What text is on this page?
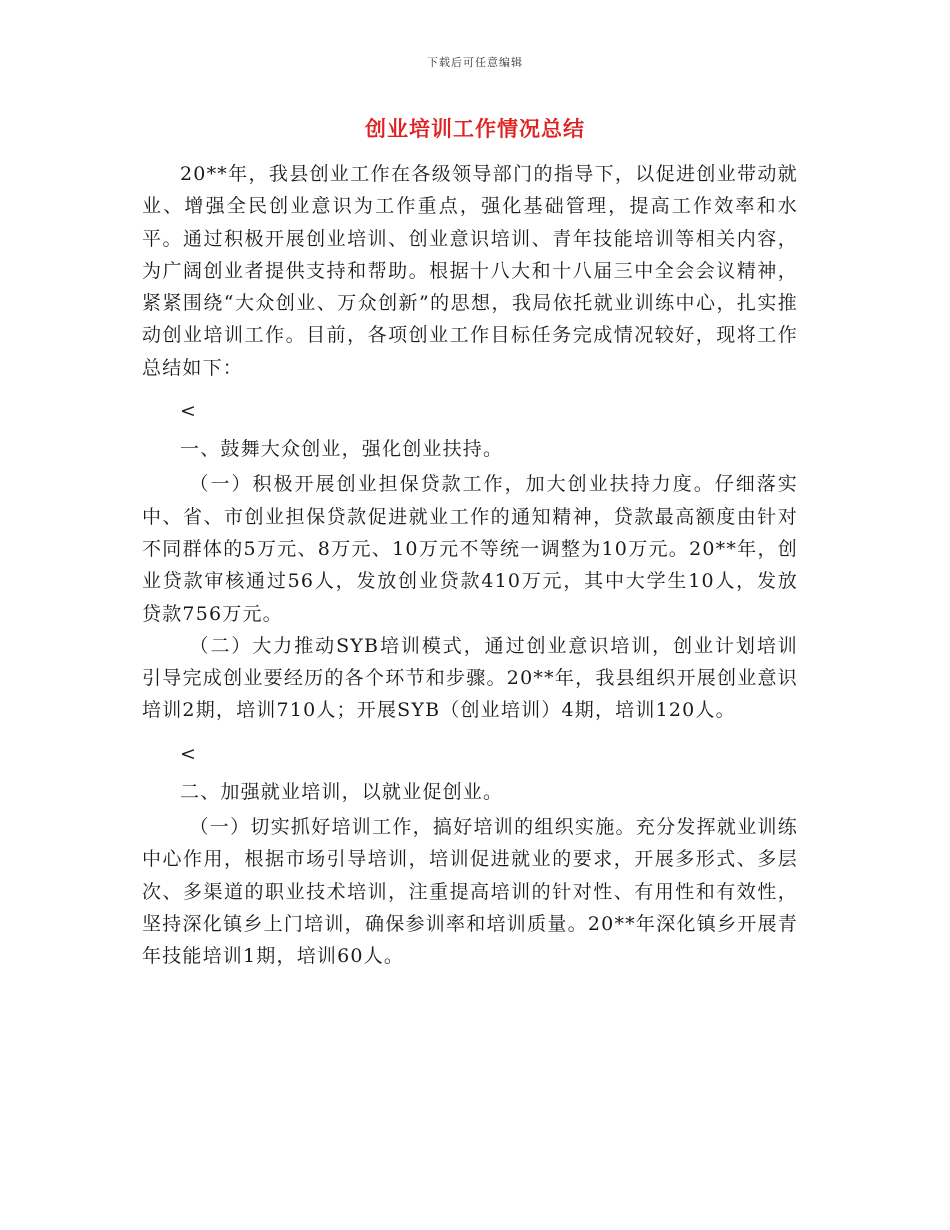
下载后可任意编辑
创业培训工作情况总结

20**年，我县创业工作在各级领导部门的指导下，以促进创业带动就业、增强全民创业意识为工作重点，强化基础管理，提高工作效率和水平。通过积极开展创业培训、创业意识培训、青年技能培训等相关内容，为广阔创业者提供支持和帮助。根据十八大和十八届三中全会会议精神，紧紧围绕“大众创业、万众创新”的思想，我局依托就业训练中心，扎实推动创业培训工作。目前，各项创业工作目标任务完成情况较好，现将工作总结如下：

<

一、鼓舞大众创业，强化创业扶持。

（一）积极开展创业担保贷款工作，加大创业扶持力度。仔细落实中、省、市创业担保贷款促进就业工作的通知精神，贷款最高额度由针对不同群体的5万元、8万元、10万元不等统一调整为10万元。20**年，创业贷款审核通过56人，发放创业贷款410万元，其中大学生10人，发放贷款756万元。

（二）大力推动SYB培训模式，通过创业意识培训，创业计划培训引导完成创业要经历的各个环节和步骤。20**年，我县组织开展创业意识培训2期，培训710人；开展SYB（创业培训）4期，培训120人。

<

二、加强就业培训，以就业促创业。

（一）切实抓好培训工作，搞好培训的组织实施。充分发挥就业训练中心作用，根据市场引导培训，培训促进就业的要求，开展多形式、多层次、多渠道的职业技术培训，注重提高培训的针对性、有用性和有效性，坚持深化镇乡上门培训，确保参训率和培训质量。20**年深化镇乡开展青年技能培训1期，培训60人。
